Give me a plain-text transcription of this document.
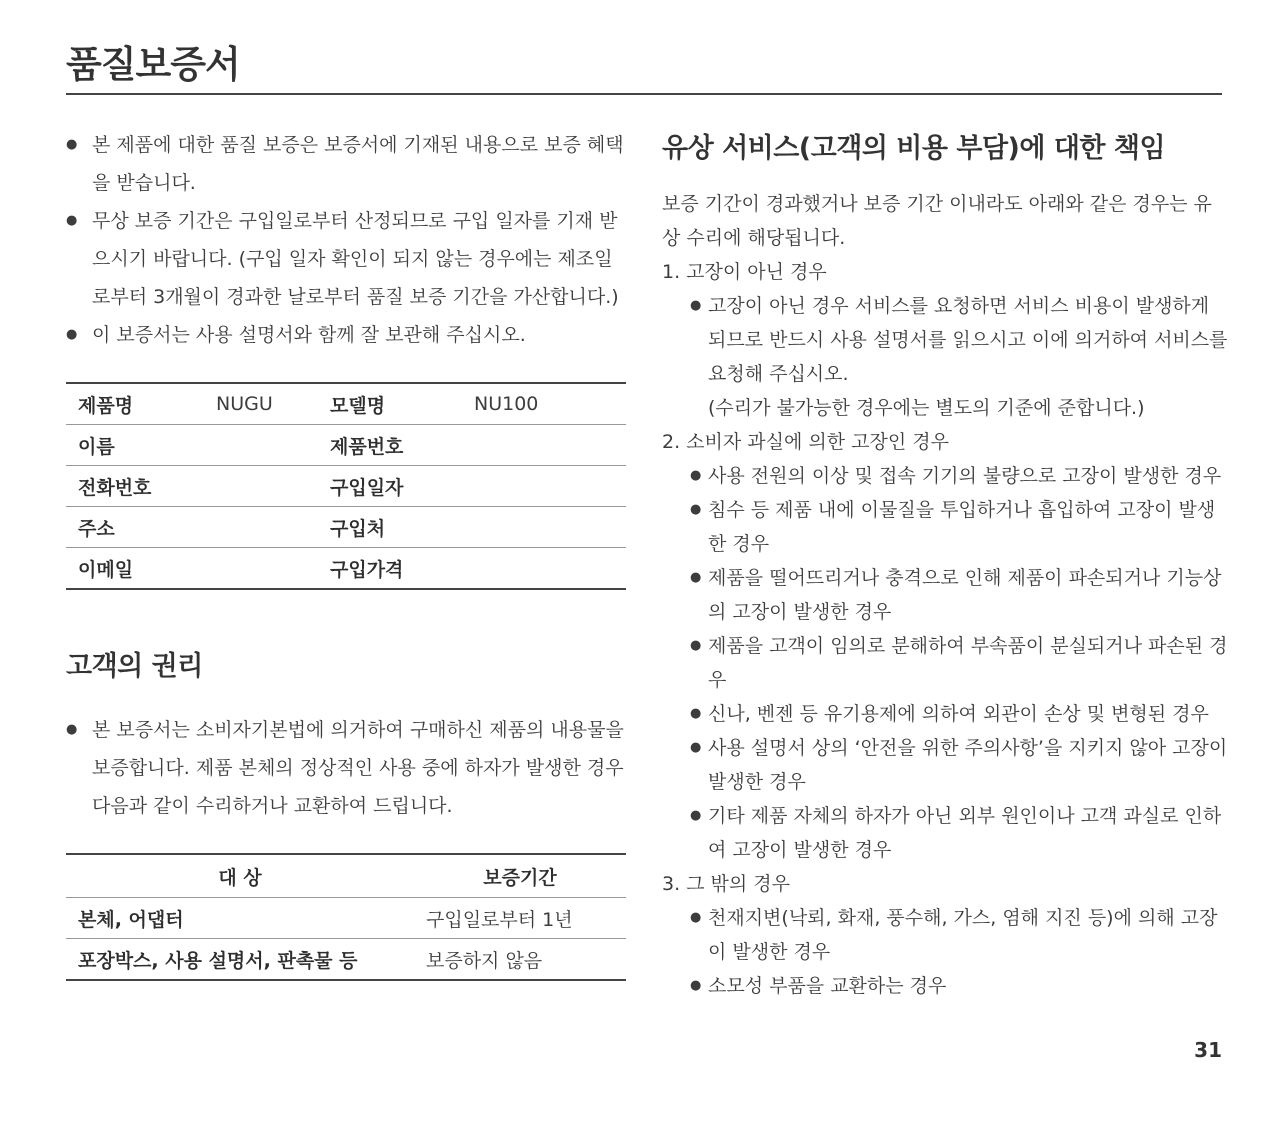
품질보증서
● 본 제품에 대한 품질 보증은 보증서에 기재된 내용으로 보증 혜택을 받습니다.
● 무상 보증 기간은 구입일로부터 산정되므로 구입 일자를 기재 받으시기 바랍니다. (구입 일자 확인이 되지 않는 경우에는 제조일로부터 3개월이 경과한 날로부터 품질 보증 기간을 가산합니다.)
● 이 보증서는 사용 설명서와 함께 잘 보관해 주십시오.
제품명	NUGU	모델명	NU100
이름		제품번호	
전화번호		구입일자	
주소		구입처	
이메일		구입가격	
고객의 권리
● 본 보증서는 소비자기본법에 의거하여 구매하신 제품의 내용물을 보증합니다. 제품 본체의 정상적인 사용 중에 하자가 발생한 경우 다음과 같이 수리하거나 교환하여 드립니다.
대 상	보증기간
본체, 어댑터	구입일로부터 1년
포장박스, 사용 설명서, 판촉물 등	보증하지 않음
유상 서비스(고객의 비용 부담)에 대한 책임
보증 기간이 경과했거나 보증 기간 이내라도 아래와 같은 경우는 유상 수리에 해당됩니다.
1. 고장이 아닌 경우
● 고장이 아닌 경우 서비스를 요청하면 서비스 비용이 발생하게 되므로 반드시 사용 설명서를 읽으시고 이에 의거하여 서비스를 요청해 주십시오.
(수리가 불가능한 경우에는 별도의 기준에 준합니다.)
2. 소비자 과실에 의한 고장인 경우
● 사용 전원의 이상 및 접속 기기의 불량으로 고장이 발생한 경우
● 침수 등 제품 내에 이물질을 투입하거나 흡입하여 고장이 발생한 경우
● 제품을 떨어뜨리거나 충격으로 인해 제품이 파손되거나 기능상의 고장이 발생한 경우
● 제품을 고객이 임의로 분해하여 부속품이 분실되거나 파손된 경우
● 신나, 벤젠 등 유기용제에 의하여 외관이 손상 및 변형된 경우
● 사용 설명서 상의 ‘안전을 위한 주의사항’을 지키지 않아 고장이 발생한 경우
● 기타 제품 자체의 하자가 아닌 외부 원인이나 고객 과실로 인하여 고장이 발생한 경우
3. 그 밖의 경우
● 천재지변(낙뢰, 화재, 풍수해, 가스, 염해 지진 등)에 의해 고장이 발생한 경우
● 소모성 부품을 교환하는 경우
31
